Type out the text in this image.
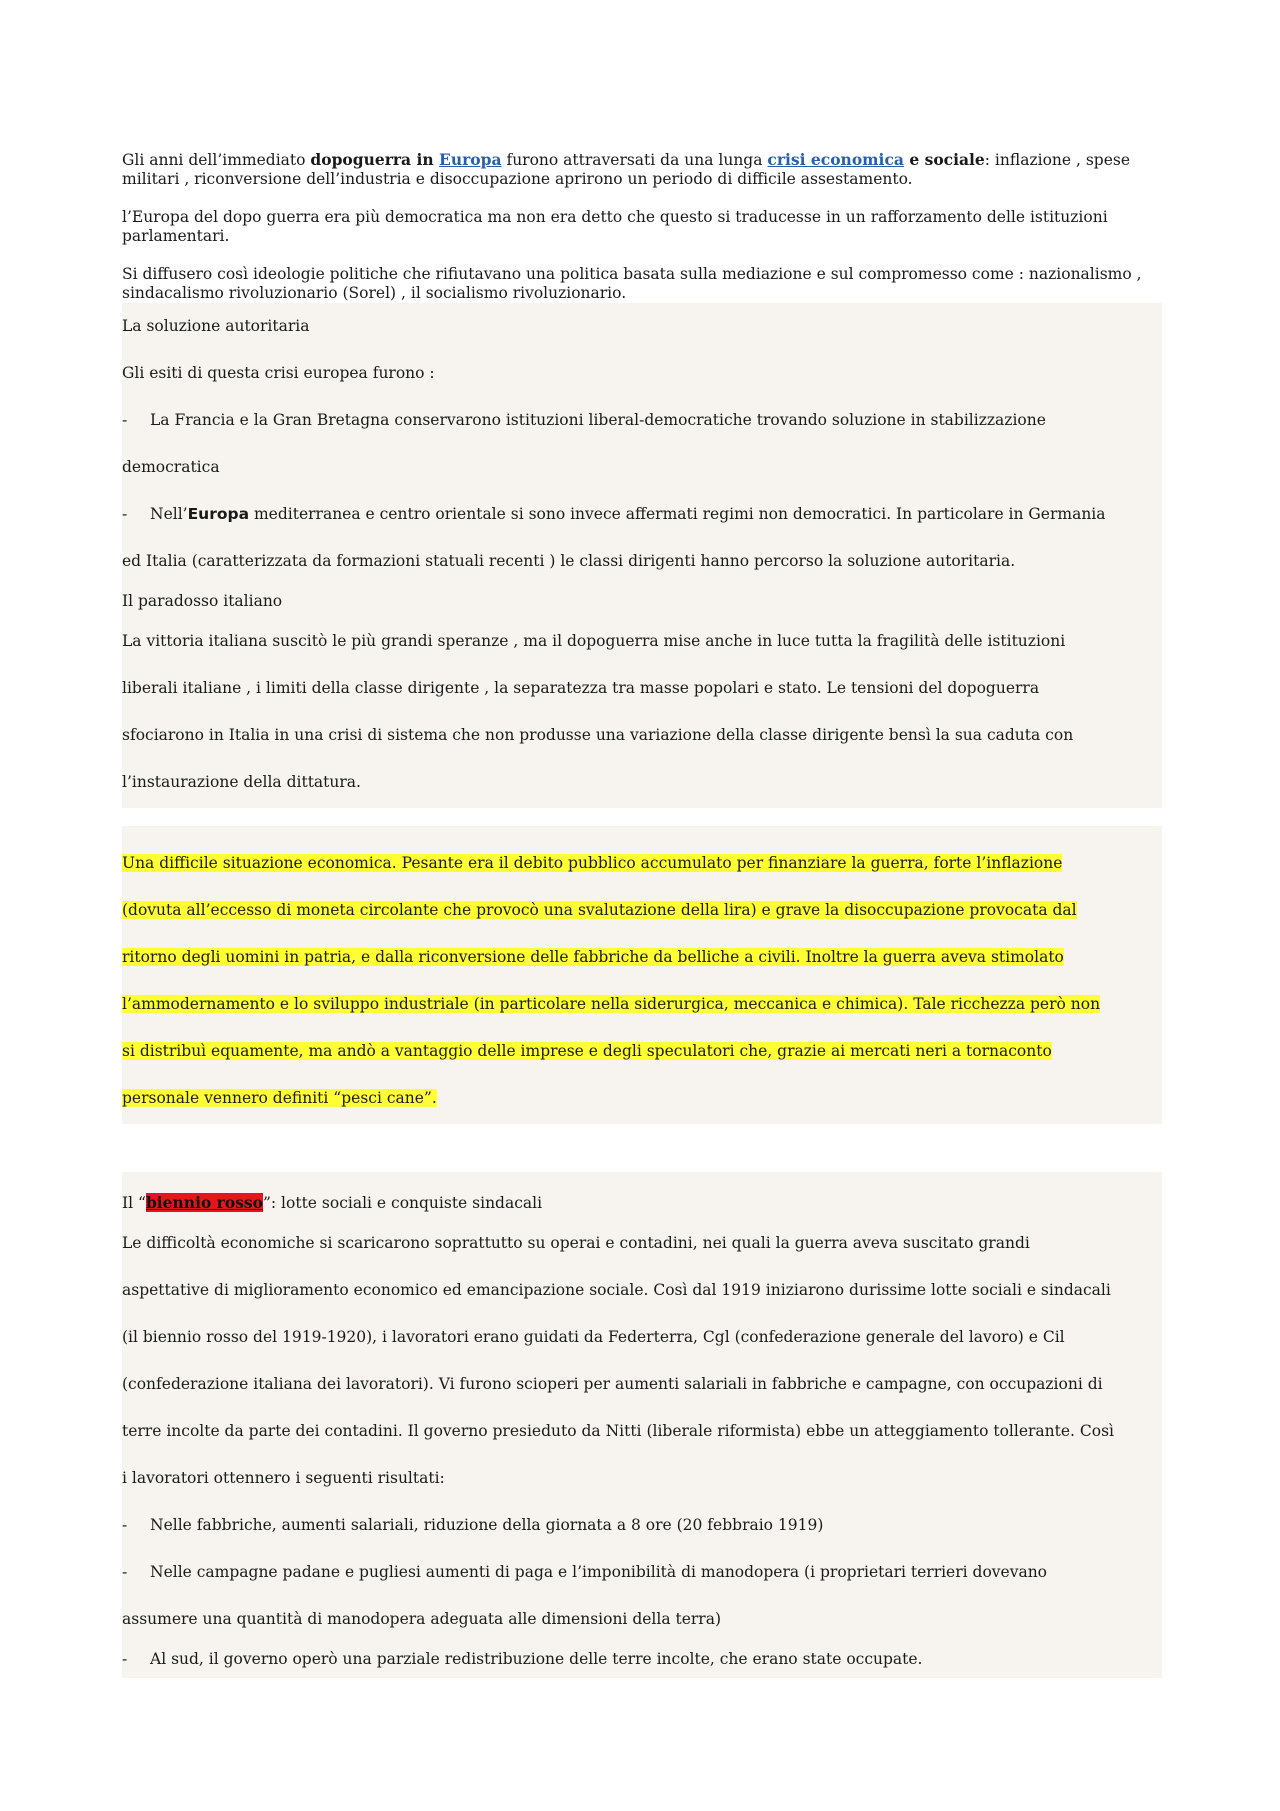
Gli anni dell’immediato dopoguerra in Europa furono attraversati da una lunga crisi economica e sociale: inflazione , spese militari , riconversione dell’industria e disoccupazione aprirono un periodo di difficile assestamento.

l’Europa del dopo guerra era più democratica ma non era detto che questo si traducesse in un rafforzamento delle istituzioni parlamentari.

Si diffusero così ideologie politiche che rifiutavano una politica basata sulla mediazione e sul compromesso come : nazionalismo , sindacalismo rivoluzionario (Sorel) , il socialismo rivoluzionario.

La soluzione autoritaria

Gli esiti di questa crisi europea furono :

- La Francia e la Gran Bretagna conservarono istituzioni liberal-democratiche trovando soluzione in stabilizzazione

democratica

- Nell’Europa mediterranea e centro orientale si sono invece affermati regimi non democratici. In particolare in Germania

ed Italia (caratterizzata da formazioni statuali recenti ) le classi dirigenti hanno percorso la soluzione autoritaria.

Il paradosso italiano

La vittoria italiana suscitò le più grandi speranze , ma il dopoguerra mise anche in luce tutta la fragilità delle istituzioni

liberali italiane , i limiti della classe dirigente , la separatezza tra masse popolari e stato. Le tensioni del dopoguerra

sfociarono in Italia in una crisi di sistema che non produsse una variazione della classe dirigente bensì la sua caduta con

l’instaurazione della dittatura.

Una difficile situazione economica. Pesante era il debito pubblico accumulato per finanziare la guerra, forte l’inflazione

(dovuta all’eccesso di moneta circolante che provocò una svalutazione della lira) e grave la disoccupazione provocata dal

ritorno degli uomini in patria, e dalla riconversione delle fabbriche da belliche a civili. Inoltre la guerra aveva stimolato

l’ammodernamento e lo sviluppo industriale (in particolare nella siderurgica, meccanica e chimica). Tale ricchezza però non

si distribuì equamente, ma andò a vantaggio delle imprese e degli speculatori che, grazie ai mercati neri a tornaconto

personale vennero definiti “pesci cane”.

Il “biennio rosso”: lotte sociali e conquiste sindacali

Le difficoltà economiche si scaricarono soprattutto su operai e contadini, nei quali la guerra aveva suscitato grandi

aspettative di miglioramento economico ed emancipazione sociale. Così dal 1919 iniziarono durissime lotte sociali e sindacali

(il biennio rosso del 1919-1920), i lavoratori erano guidati da Federterra, Cgl (confederazione generale del lavoro) e Cil

(confederazione italiana dei lavoratori). Vi furono scioperi per aumenti salariali in fabbriche e campagne, con occupazioni di

terre incolte da parte dei contadini. Il governo presieduto da Nitti (liberale riformista) ebbe un atteggiamento tollerante. Così

i lavoratori ottennero i seguenti risultati:

- Nelle fabbriche, aumenti salariali, riduzione della giornata a 8 ore (20 febbraio 1919)

- Nelle campagne padane e pugliesi aumenti di paga e l’imponibilità di manodopera (i proprietari terrieri dovevano

assumere una quantità di manodopera adeguata alle dimensioni della terra)

- Al sud, il governo operò una parziale redistribuzione delle terre incolte, che erano state occupate.
